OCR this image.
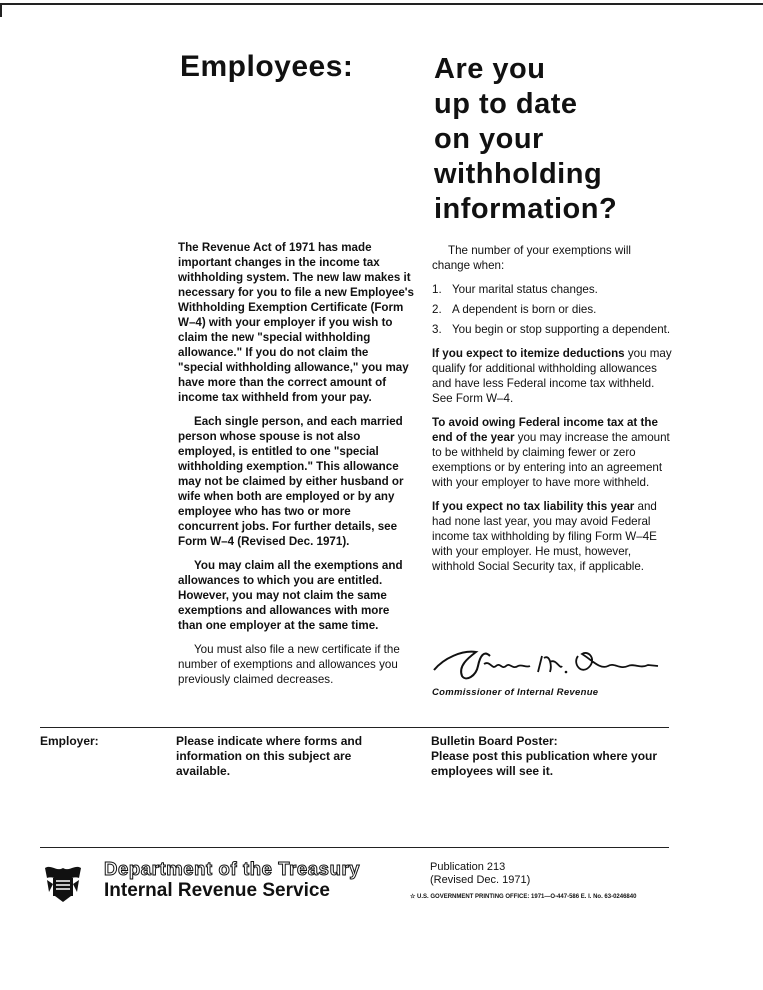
Employees:	Are you
up to date
on your
withholding
information?

The Revenue Act of 1971 has made important changes in the income tax withholding system. The new law makes it necessary for you to file a new Employee's Withholding Exemption Certificate (Form W–4) with your employer if you wish to claim the new "special withholding allowance." If you do not claim the "special withholding allowance," you may have more than the correct amount of income tax withheld from your pay.

Each single person, and each married person whose spouse is not also employed, is entitled to one "special withholding exemption." This allowance may not be claimed by either husband or wife when both are employed or by any employee who has two or more concurrent jobs. For further details, see Form W–4 (Revised Dec. 1971).

You may claim all the exemptions and allowances to which you are entitled. However, you may not claim the same exemptions and allowances with more than one employer at the same time.

You must also file a new certificate if the number of exemptions and allowances you previously claimed decreases.

The number of your exemptions will change when:

1. Your marital status changes.
2. A dependent is born or dies.
3. You begin or stop supporting a dependent.

If you expect to itemize deductions you may qualify for additional withholding allowances and have less Federal income tax withheld. See Form W–4.

To avoid owing Federal income tax at the end of the year you may increase the amount to be withheld by claiming fewer or zero exemptions or by entering into an agreement with your employer to have more withheld.

If you expect no tax liability this year and had none last year, you may avoid Federal income tax withholding by filing Form W–4E with your employer. He must, however, withhold Social Security tax, if applicable.

Commissioner of Internal Revenue
Employer:	Please indicate where forms and information on this subject are available.
Bulletin Board Poster:
Please post this publication where your employees will see it.
Department of the Treasury
Internal Revenue Service
Publication 213
(Revised Dec. 1971)
☆ U.S. GOVERNMENT PRINTING OFFICE: 1971—O-447-586 E. I. No. 63-0246840
